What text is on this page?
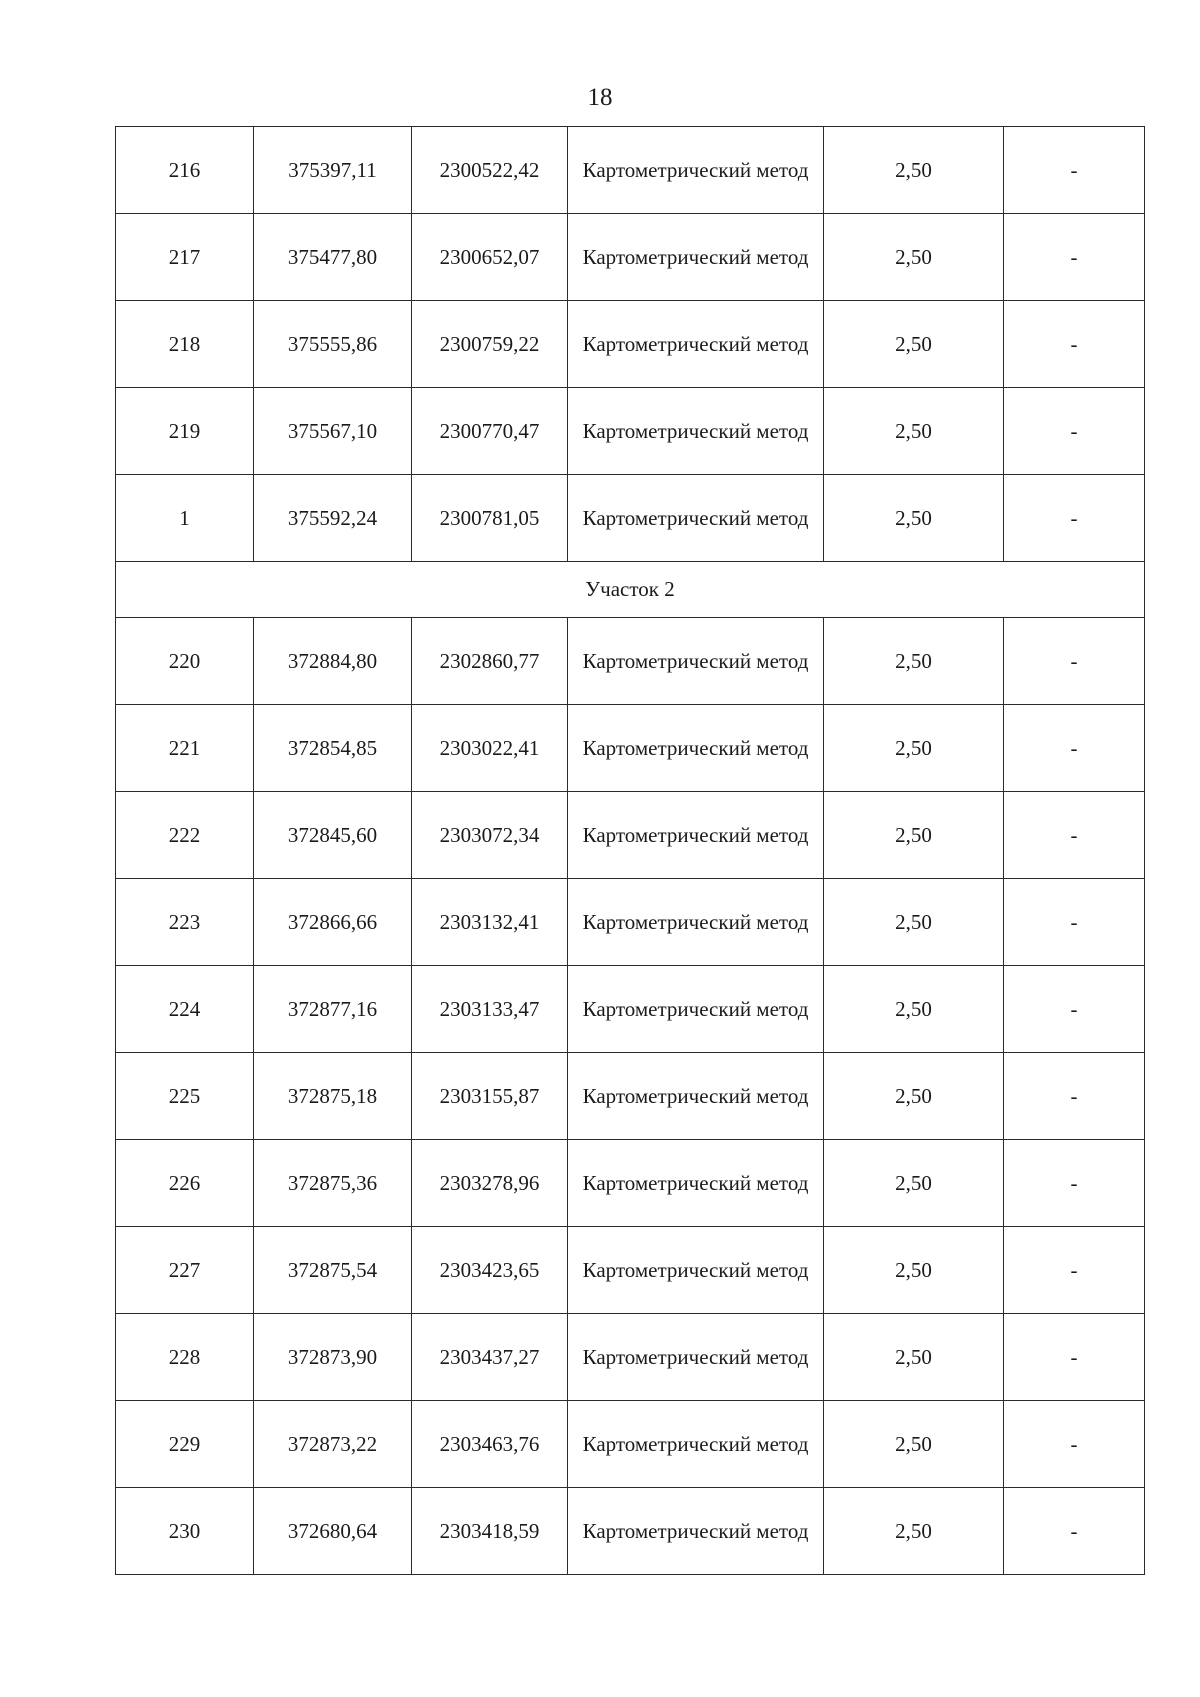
18
216	375397,11	2300522,42	Картометрический метод	2,50	-
217	375477,80	2300652,07	Картометрический метод	2,50	-
218	375555,86	2300759,22	Картометрический метод	2,50	-
219	375567,10	2300770,47	Картометрический метод	2,50	-
1	375592,24	2300781,05	Картометрический метод	2,50	-
Участок 2					
220	372884,80	2302860,77	Картометрический метод	2,50	-
221	372854,85	2303022,41	Картометрический метод	2,50	-
222	372845,60	2303072,34	Картометрический метод	2,50	-
223	372866,66	2303132,41	Картометрический метод	2,50	-
224	372877,16	2303133,47	Картометрический метод	2,50	-
225	372875,18	2303155,87	Картометрический метод	2,50	-
226	372875,36	2303278,96	Картометрический метод	2,50	-
227	372875,54	2303423,65	Картометрический метод	2,50	-
228	372873,90	2303437,27	Картометрический метод	2,50	-
229	372873,22	2303463,76	Картометрический метод	2,50	-
230	372680,64	2303418,59	Картометрический метод	2,50	-
